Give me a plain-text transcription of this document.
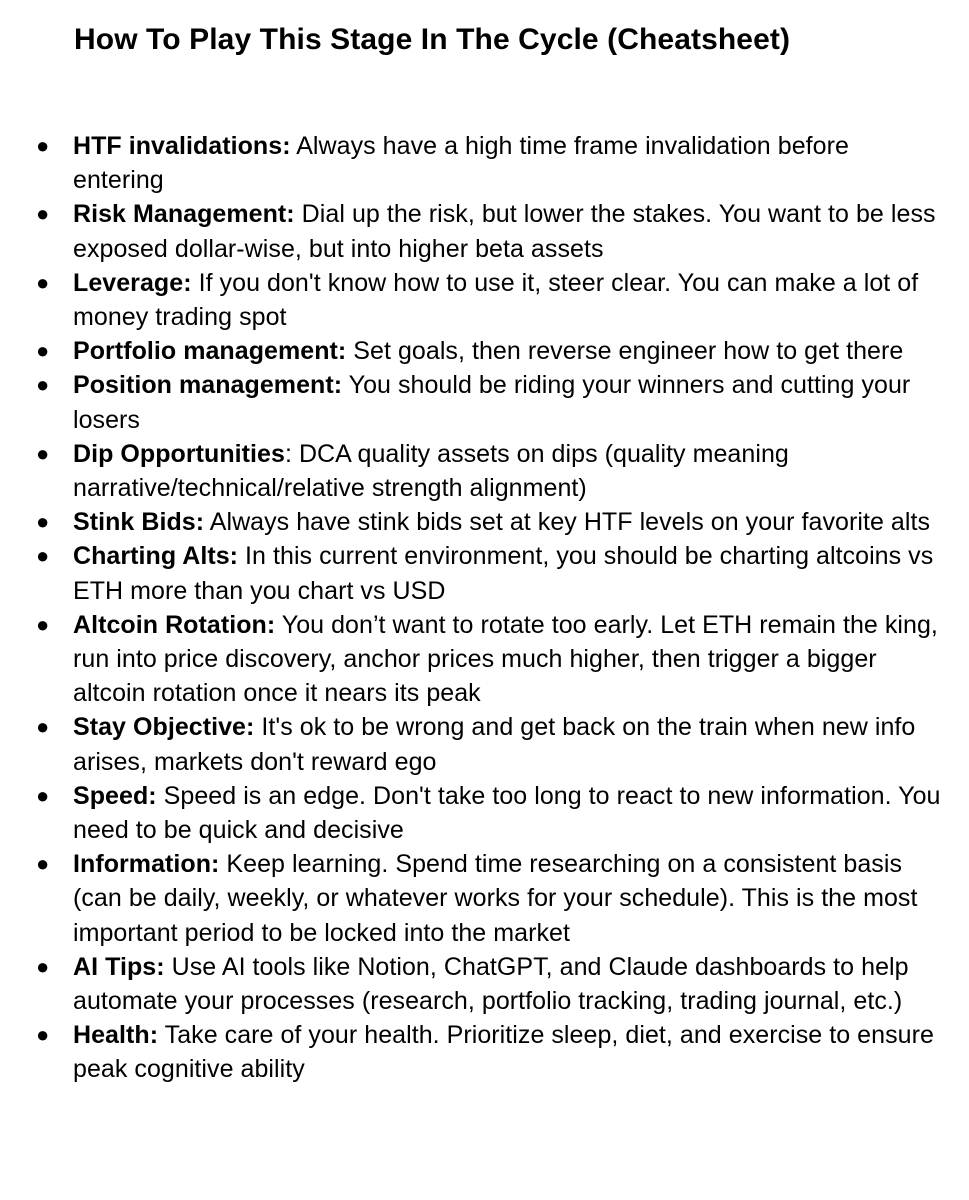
How To Play This Stage In The Cycle (Cheatsheet)
● HTF invalidations: Always have a high time frame invalidation before entering
● Risk Management: Dial up the risk, but lower the stakes. You want to be less exposed dollar-wise, but into higher beta assets
● Leverage: If you don't know how to use it, steer clear. You can make a lot of money trading spot
● Portfolio management: Set goals, then reverse engineer how to get there
● Position management: You should be riding your winners and cutting your losers
● Dip Opportunities: DCA quality assets on dips (quality meaning narrative/technical/relative strength alignment)
● Stink Bids: Always have stink bids set at key HTF levels on your favorite alts
● Charting Alts: In this current environment, you should be charting altcoins vs ETH more than you chart vs USD
● Altcoin Rotation: You don’t want to rotate too early. Let ETH remain the king, run into price discovery, anchor prices much higher, then trigger a bigger altcoin rotation once it nears its peak
● Stay Objective: It's ok to be wrong and get back on the train when new info arises, markets don't reward ego
● Speed: Speed is an edge. Don't take too long to react to new information. You need to be quick and decisive
● Information: Keep learning. Spend time researching on a consistent basis (can be daily, weekly, or whatever works for your schedule). This is the most important period to be locked into the market
● AI Tips: Use AI tools like Notion, ChatGPT, and Claude dashboards to help automate your processes (research, portfolio tracking, trading journal, etc.)
● Health: Take care of your health. Prioritize sleep, diet, and exercise to ensure peak cognitive ability
